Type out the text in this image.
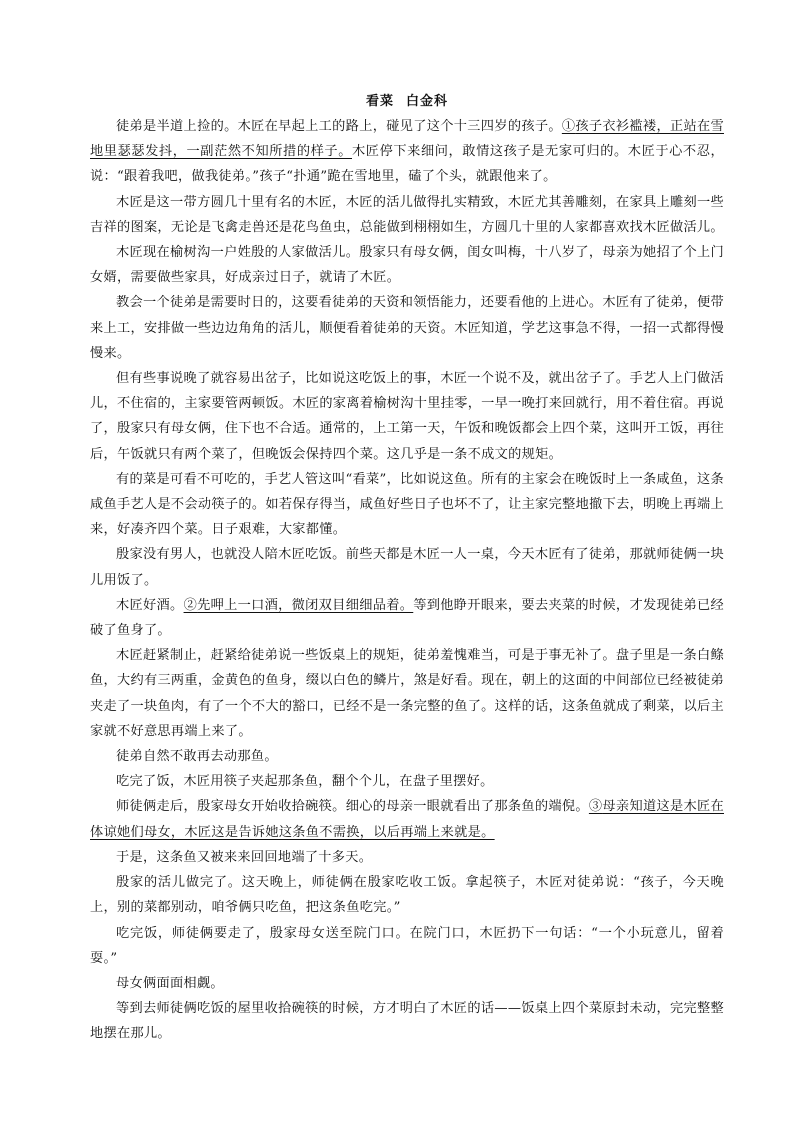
看菜 白金科

徒弟是半道上捡的。木匠在早起上工的路上，碰见了这个十三四岁的孩子。①孩子衣衫褴褛，正站在雪地里瑟瑟发抖，一副茫然不知所措的样子。木匠停下来细问，敢情这孩子是无家可归的。木匠于心不忍，说：“跟着我吧，做我徒弟。”孩子“扑通”跪在雪地里，磕了个头，就跟他来了。

木匠是这一带方圆几十里有名的木匠，木匠的活儿做得扎实精致，木匠尤其善雕刻，在家具上雕刻一些吉祥的图案，无论是飞禽走兽还是花鸟鱼虫，总能做到栩栩如生，方圆几十里的人家都喜欢找木匠做活儿。

木匠现在榆树沟一户姓殷的人家做活儿。殷家只有母女俩，闺女叫梅，十八岁了，母亲为她招了个上门女婿，需要做些家具，好成亲过日子，就请了木匠。

教会一个徒弟是需要时日的，这要看徒弟的天资和领悟能力，还要看他的上进心。木匠有了徒弟，便带来上工，安排做一些边边角角的活儿，顺便看着徒弟的天资。木匠知道，学艺这事急不得，一招一式都得慢慢来。

但有些事说晚了就容易出岔子，比如说这吃饭上的事，木匠一个说不及，就出岔子了。手艺人上门做活儿，不住宿的，主家要管两顿饭。木匠的家离着榆树沟十里挂零，一早一晚打来回就行，用不着住宿。再说了，殷家只有母女俩，住下也不合适。通常的，上工第一天，午饭和晚饭都会上四个菜，这叫开工饭，再往后，午饭就只有两个菜了，但晚饭会保持四个菜。这几乎是一条不成文的规矩。

有的菜是可看不可吃的，手艺人管这叫“看菜”，比如说这鱼。所有的主家会在晚饭时上一条咸鱼，这条咸鱼手艺人是不会动筷子的。如若保存得当，咸鱼好些日子也坏不了，让主家完整地撤下去，明晚上再端上来，好凑齐四个菜。日子艰难，大家都懂。

殷家没有男人，也就没人陪木匠吃饭。前些天都是木匠一人一桌，今天木匠有了徒弟，那就师徒俩一块儿用饭了。

木匠好酒。②先呷上一口酒，微闭双目细细品着。等到他睁开眼来，要去夹菜的时候，才发现徒弟已经破了鱼身了。

木匠赶紧制止，赶紧给徒弟说一些饭桌上的规矩，徒弟羞愧难当，可是于事无补了。盘子里是一条白鲦鱼，大约有三两重，金黄色的鱼身，缀以白色的鳞片，煞是好看。现在，朝上的这面的中间部位已经被徒弟夹走了一块鱼肉，有了一个不大的豁口，已经不是一条完整的鱼了。这样的话，这条鱼就成了剩菜，以后主家就不好意思再端上来了。

徒弟自然不敢再去动那鱼。

吃完了饭，木匠用筷子夹起那条鱼，翻个个儿，在盘子里摆好。

师徒俩走后，殷家母女开始收拾碗筷。细心的母亲一眼就看出了那条鱼的端倪。③母亲知道这是木匠在体谅她们母女，木匠这是告诉她这条鱼不需换，以后再端上来就是。

于是，这条鱼又被来来回回地端了十多天。

殷家的活儿做完了。这天晚上，师徒俩在殷家吃收工饭。拿起筷子，木匠对徒弟说：“孩子，今天晚上，别的菜都别动，咱爷俩只吃鱼，把这条鱼吃完。”

吃完饭，师徒俩要走了，殷家母女送至院门口。在院门口，木匠扔下一句话：“一个小玩意儿，留着耍。”

母女俩面面相觑。

等到去师徒俩吃饭的屋里收拾碗筷的时候，方才明白了木匠的话——饭桌上四个菜原封未动，完完整整地摆在那儿。
